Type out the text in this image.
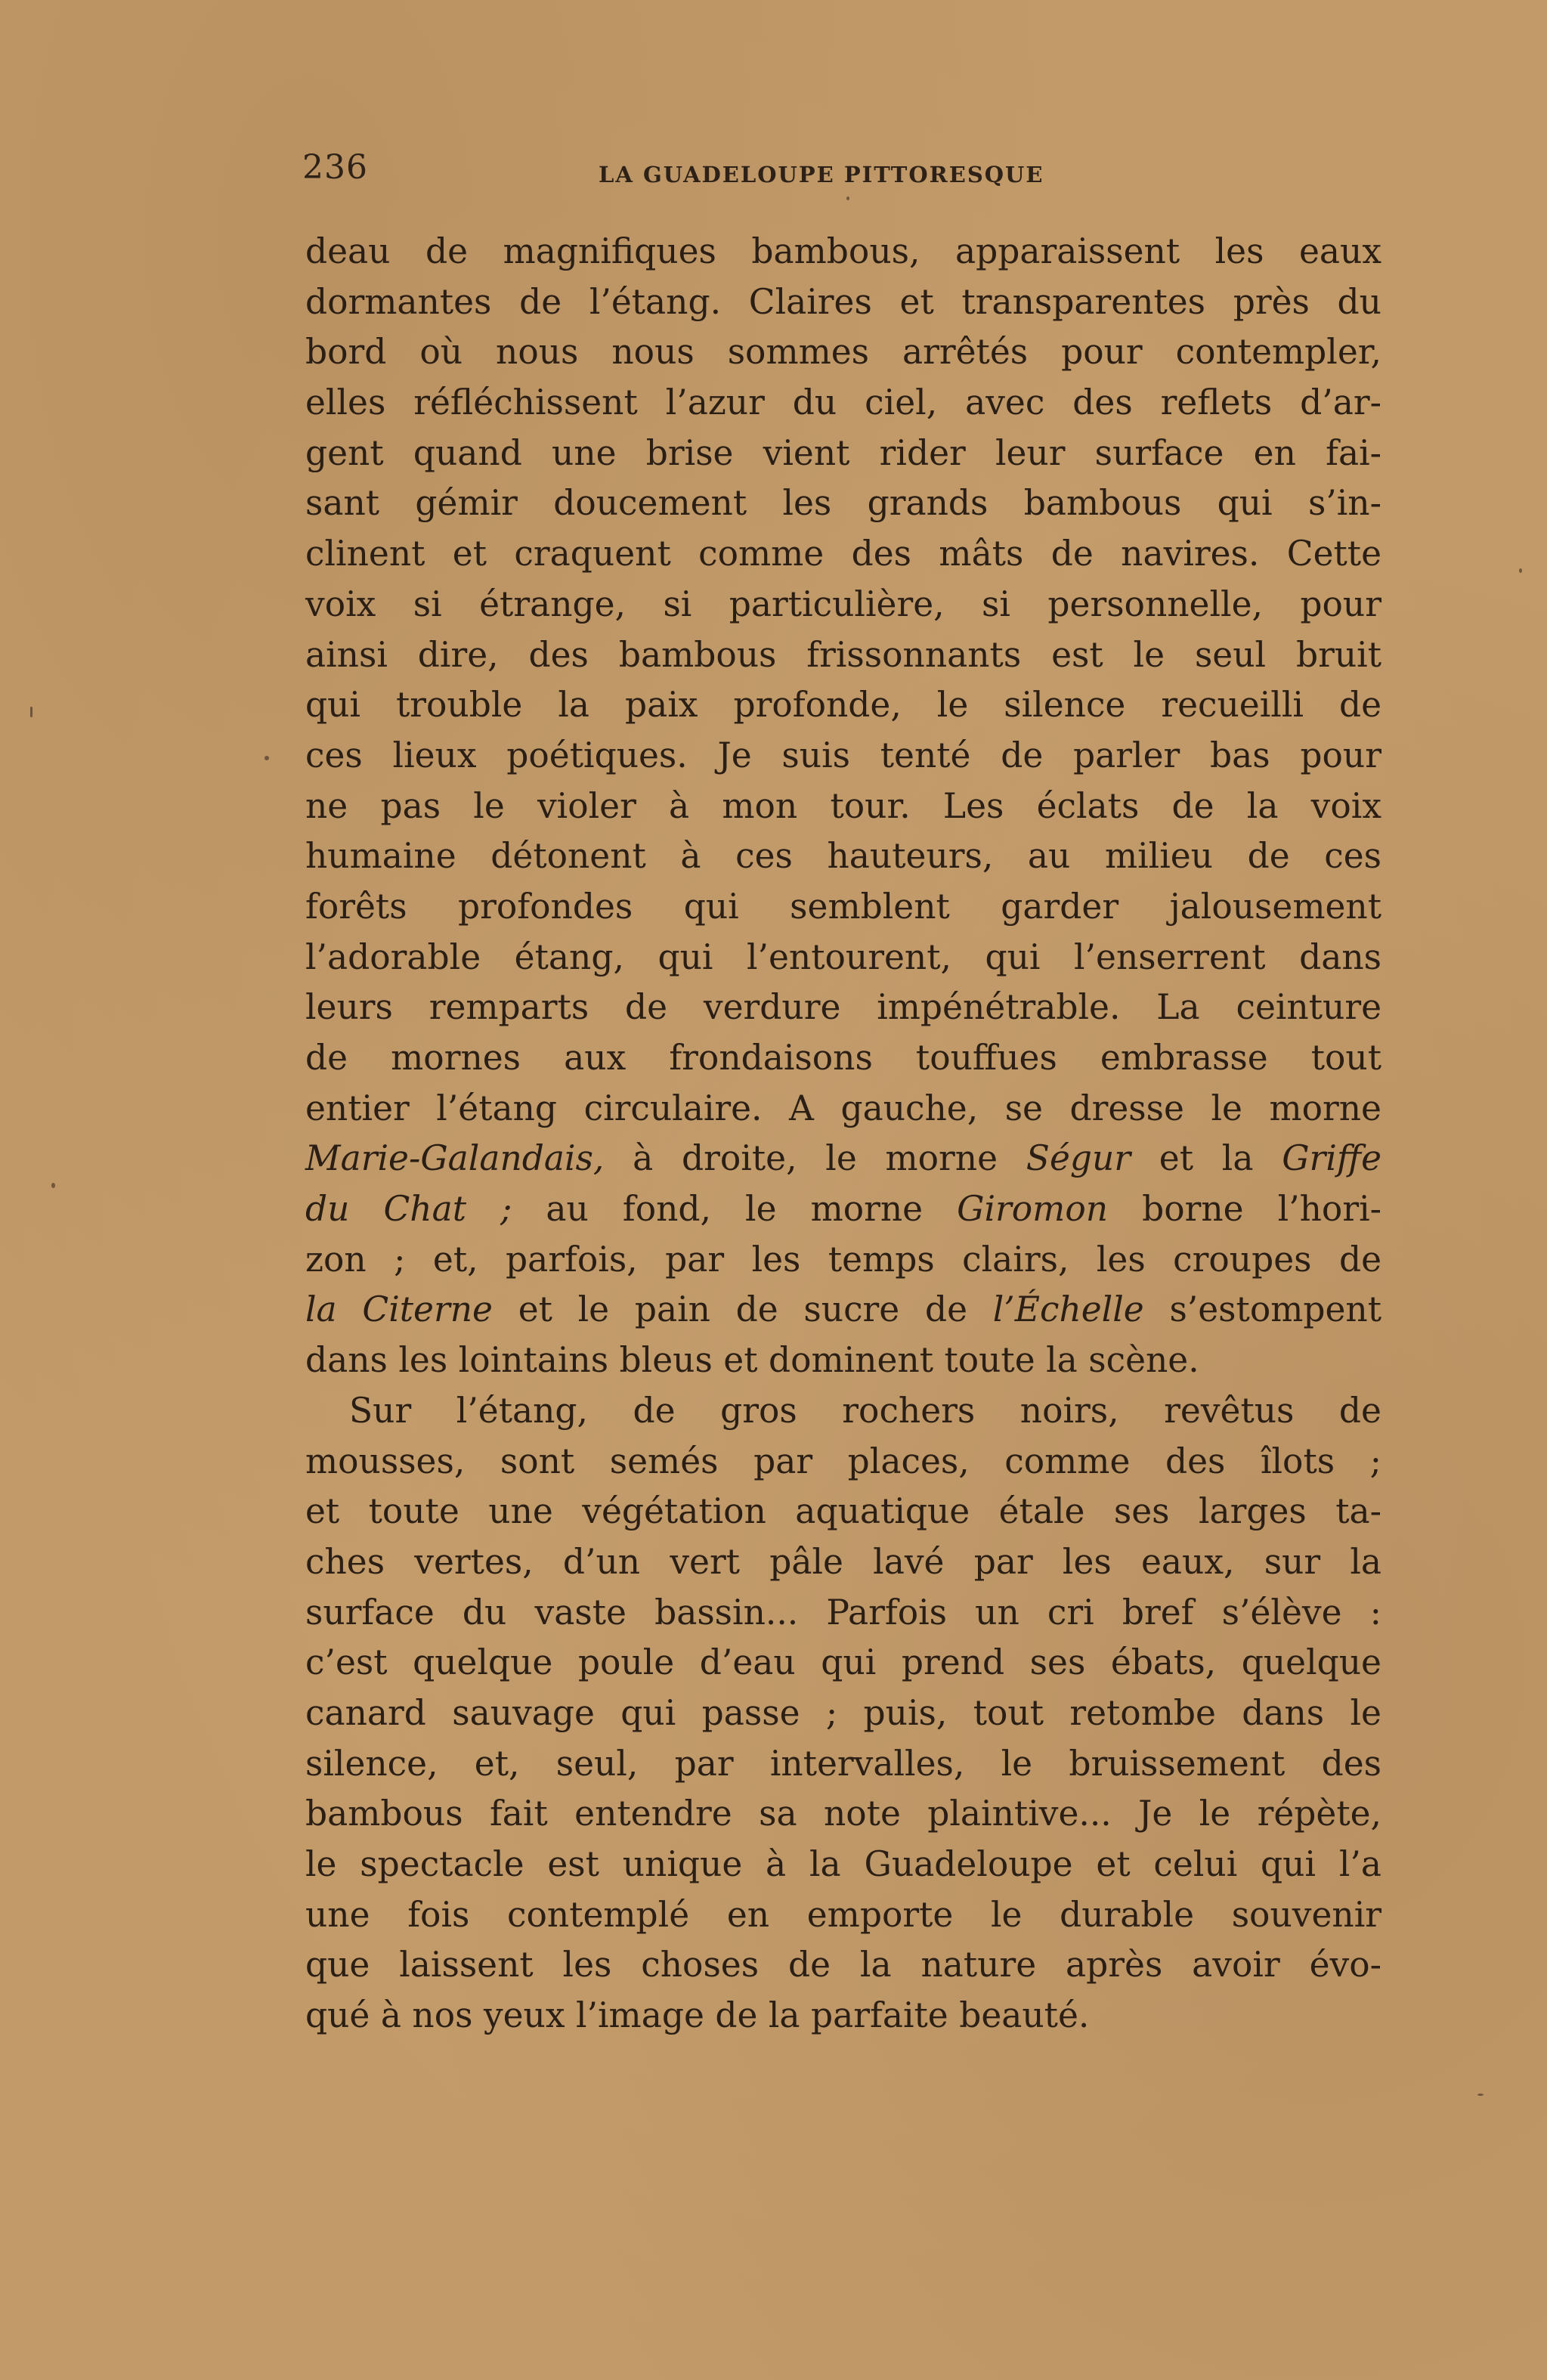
236	LA GUADELOUPE PITTORESQUE
deau de magnifiques bambous, apparaissent les eaux
dormantes de l’étang. Claires et transparentes près du
bord où nous nous sommes arrêtés pour contempler,
elles réfléchissent l’azur du ciel, avec des reflets d’ar-
gent quand une brise vient rider leur surface en fai-
sant gémir doucement les grands bambous qui s’in-
clinent et craquent comme des mâts de navires. Cette
voix si étrange, si particulière, si personnelle, pour
ainsi dire, des bambous frissonnants est le seul bruit
qui trouble la paix profonde, le silence recueilli de
ces lieux poétiques. Je suis tenté de parler bas pour
ne pas le violer à mon tour. Les éclats de la voix
humaine détonent à ces hauteurs, au milieu de ces
forêts profondes qui semblent garder jalousement
l’adorable étang, qui l’entourent, qui l’enserrent dans
leurs remparts de verdure impénétrable. La ceinture
de mornes aux frondaisons touffues embrasse tout
entier l’étang circulaire. A gauche, se dresse le morne
Marie-Galandais, à droite, le morne Ségur et la Griffe
du Chat ; au fond, le morne Giromon borne l’hori-
zon ; et, parfois, par les temps clairs, les croupes de
la Citerne et le pain de sucre de l’Échelle s’estompent
dans les lointains bleus et dominent toute la scène.
Sur l’étang, de gros rochers noirs, revêtus de
mousses, sont semés par places, comme des îlots ;
et toute une végétation aquatique étale ses larges ta-
ches vertes, d’un vert pâle lavé par les eaux, sur la
surface du vaste bassin... Parfois un cri bref s’élève :
c’est quelque poule d’eau qui prend ses ébats, quelque
canard sauvage qui passe ; puis, tout retombe dans le
silence, et, seul, par intervalles, le bruissement des
bambous fait entendre sa note plaintive... Je le répète,
le spectacle est unique à la Guadeloupe et celui qui l’a
une fois contemplé en emporte le durable souvenir
que laissent les choses de la nature après avoir évo-
qué à nos yeux l’image de la parfaite beauté.
